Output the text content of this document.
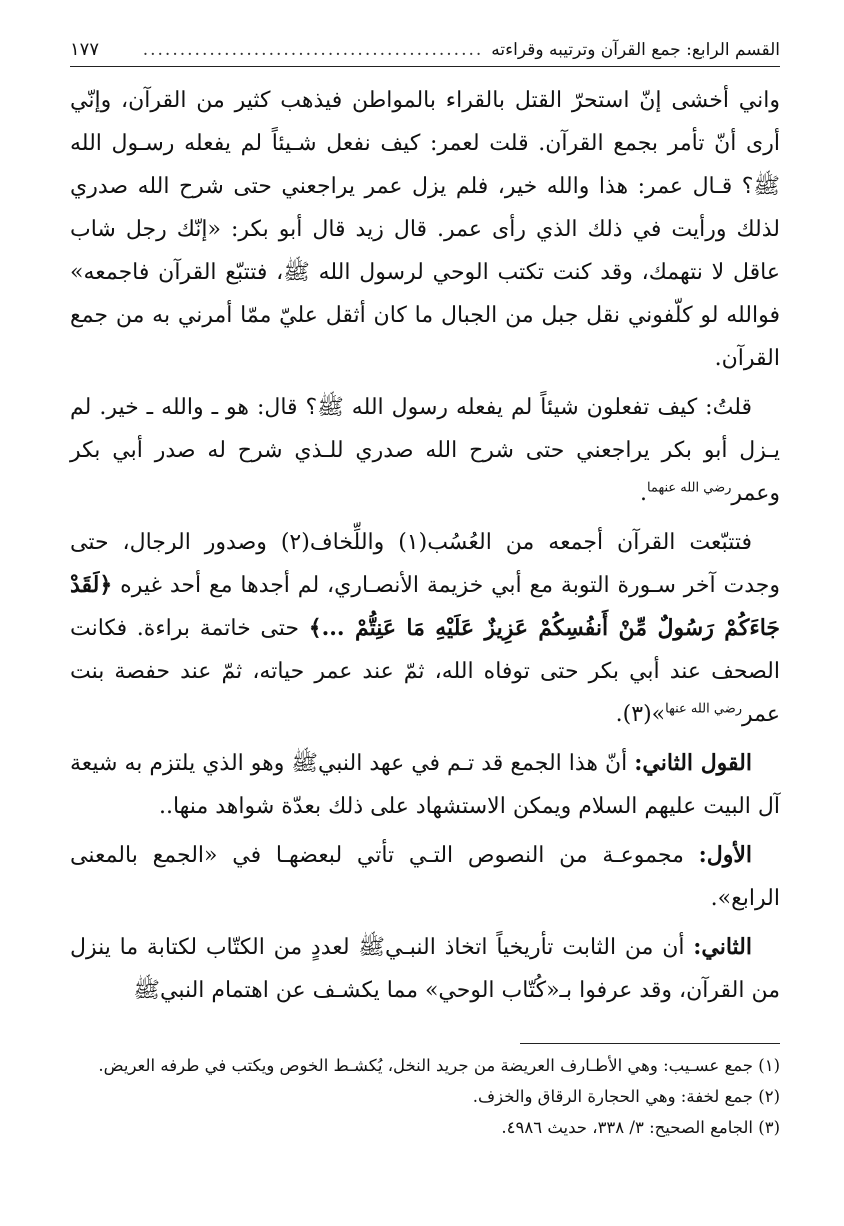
القسم الرابع: جمع القرآن وترتيبه وقراءته
..............................................
١٧٧

واني أخشى إنّ استحرّ القتل بالقراء بالمواطن فيذهب كثير من القرآن، وإنّي أرى أنّ تأمر بجمع القرآن. قلت لعمر: كيف نفعل شـيئاً لم يفعله رسـول الله ﷺ؟ قـال عمر: هذا والله خير، فلم يزل عمر يراجعني حتى شرح الله صدري لذلك ورأيت في ذلك الذي رأى عمر. قال زيد قال أبو بكر: «إنّك رجل شاب عاقل لا نتهمك، وقد كنت تكتب الوحي لرسول الله ﷺ، فتتبّع القرآن فاجمعه» فوالله لو كلّفوني نقل جبل من الجبال ما كان أثقل عليّ ممّا أمرني به من جمع القرآن.

قلتُ: كيف تفعلون شيئاً لم يفعله رسول الله ﷺ؟ قال: هو ـ والله ـ خير. لم يـزل أبو بكر يراجعني حتى شرح الله صدري للـذي شرح له صدر أبي بكر وعمر$^{رضي الله عنهما}$.

فتتبّعت القرآن أجمعه من العُسُب(١) واللِّخاف(٢) وصدور الرجال، حتى وجدت آخر سـورة التوبة مع أبي خزيمة الأنصـاري، لم أجدها مع أحد غيره ﴿لَقَدْ جَاءَكُمْ رَسُولٌ مِّنْ أَنفُسِكُمْ عَزِيزٌ عَلَيْهِ مَا عَنِتُّمْ ...﴾ حتى خاتمة براءة. فكانت الصحف عند أبي بكر حتى توفاه الله، ثمّ عند عمر حياته، ثمّ عند حفصة بنت عمر$^{رضي الله عنها}$»(٣).

القول الثاني: أنّ هذا الجمع قد تـم في عهد النبيﷺ وهو الذي يلتزم به شيعة آل البيت عليهم السلام ويمكن الاستشهاد على ذلك بعدّة شواهد منها..

الأول: مجموعـة من النصوص التـي تأتي لبعضهـا في «الجمع بالمعنى الرابع».

الثاني: أن من الثابت تأريخياً اتخاذ النبـيﷺ لعددٍ من الكتّاب لكتابة ما ينزل من القرآن، وقد عرفوا بـ«كُتّاب الوحي» مما يكشـف عن اهتمام النبيﷺ

(١) جمع عسـيب: وهي الأطـارف العريضة من جريد النخل، يُكشـط الخوص ويكتب في طرفه العريض.

(٢) جمع لخفة: وهي الحجارة الرقاق والخزف.

(٣) الجامع الصحيح: ٣/ ٣٣٨، حديث ٤٩٨٦.
